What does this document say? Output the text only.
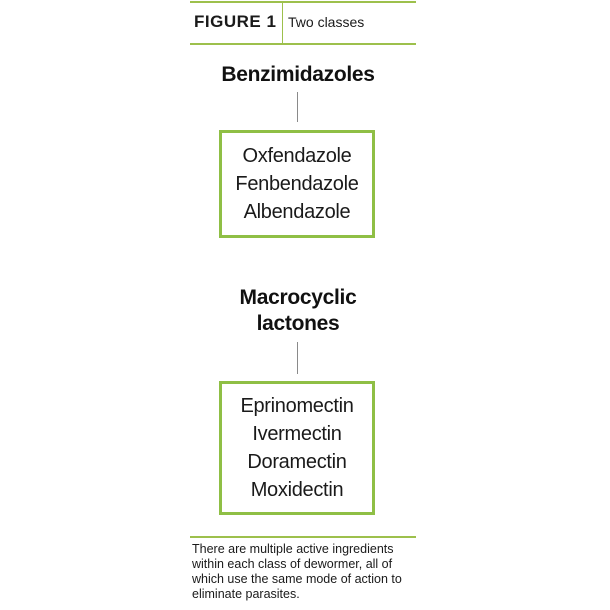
FIGURE 1 Two classes
Benzimidazoles
Oxfendazole
Fenbendazole
Albendazole
Macrocyclic
lactones
Eprinomectin
Ivermectin
Doramectin
Moxidectin
There are multiple active ingredients within each class of dewormer, all of which use the same mode of action to eliminate parasites.
